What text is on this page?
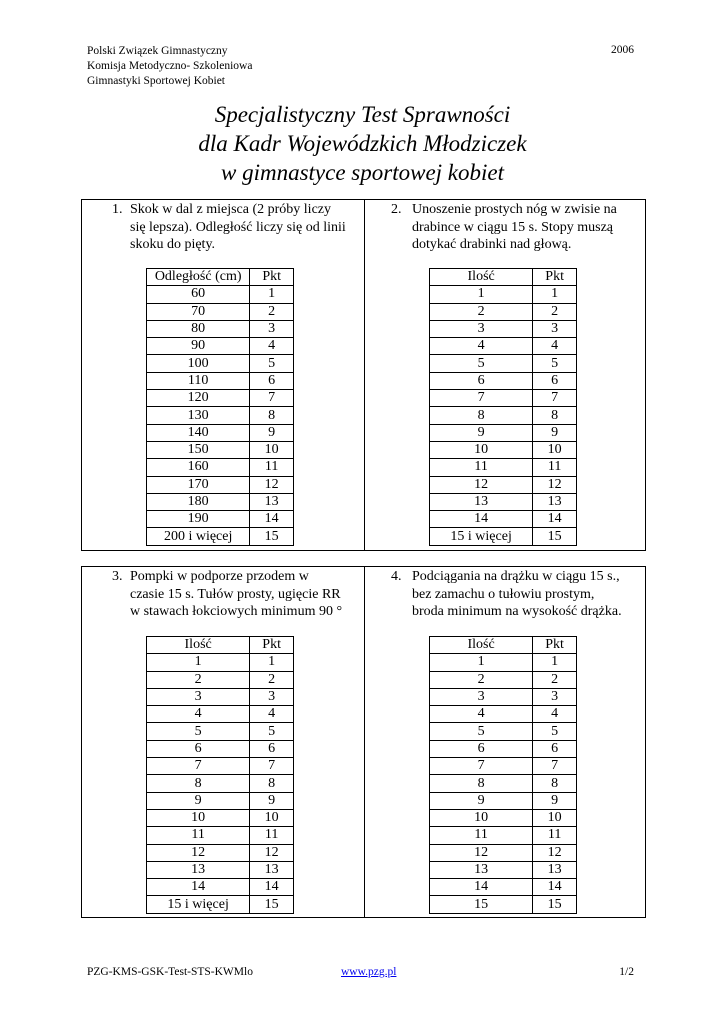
Polski Związek Gimnastyczny
Komisja Metodyczno- Szkoleniowa
Gimnastyki Sportowej Kobiet
2006
Specjalistyczny Test Sprawności
dla Kadr Wojewódzkich Młodziczek
w gimnastyce sportowej kobiet
1. Skok w dal z miejsca (2 próby liczy
się lepsza). Odległość liczy się od linii
skoku do pięty.
Odległość (cm)	Pkt
60	1
70	2
80	3
90	4
100	5
110	6
120	7
130	8
140	9
150	10
160	11
170	12
180	13
190	14
200 i więcej	15
2. Unoszenie prostych nóg w zwisie na
drabince w ciągu 15 s. Stopy muszą
dotykać drabinki nad głową.
Ilość	Pkt
1	1
2	2
3	3
4	4
5	5
6	6
7	7
8	8
9	9
10	10
11	11
12	12
13	13
14	14
15 i więcej	15
3. Pompki w podporze przodem w
czasie 15 s. Tułów prosty, ugięcie RR
w stawach łokciowych minimum 90 °
Ilość	Pkt
1	1
2	2
3	3
4	4
5	5
6	6
7	7
8	8
9	9
10	10
11	11
12	12
13	13
14	14
15 i więcej	15
4. Podciągania na drążku w ciągu 15 s.,
bez zamachu o tułowiu prostym,
broda minimum na wysokość drążka.
Ilość	Pkt
1	1
2	2
3	3
4	4
5	5
6	6
7	7
8	8
9	9
10	10
11	11
12	12
13	13
14	14
15	15
PZG-KMS-GSK-Test-STS-KWMlo	www.pzg.pl	1/2
